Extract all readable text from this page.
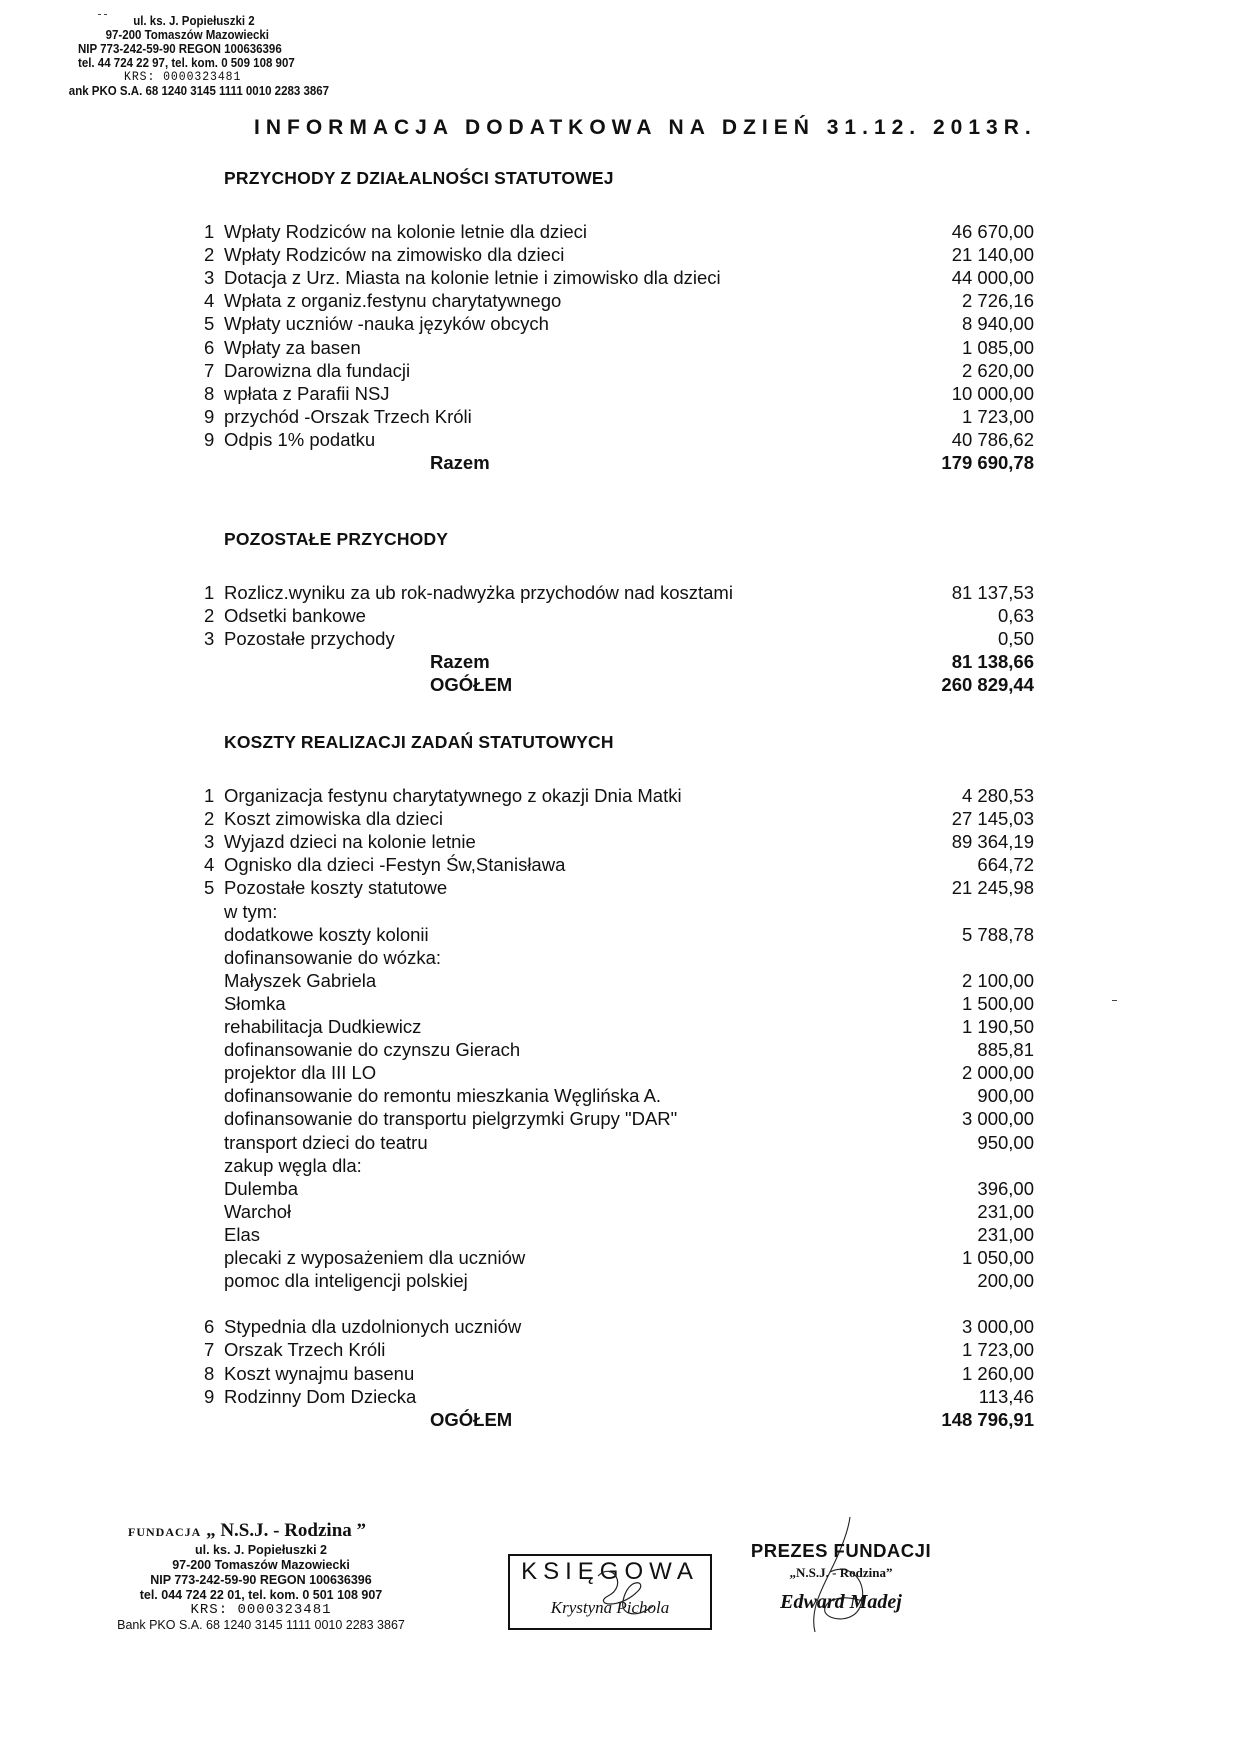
ul. ks. J. Popiełuszki 2
97-200 Tomaszów Mazowiecki
NIP 773-242-59-90 REGON 100636396
tel. 44 724 22 97, tel. kom. 0 509 108 907
KRS: 0000323481
ank PKO S.A. 68 1240 3145 1111 0010 2283 3867
INFORMACJA DODATKOWA NA DZIEŃ 31.12. 2013R.
PRZYCHODY Z DZIAŁALNOŚCI STATUTOWEJ
1 Wpłaty Rodziców na kolonie letnie dla dzieci	46 670,00
2 Wpłaty Rodziców na zimowisko dla dzieci	21 140,00
3 Dotacja z Urz. Miasta na kolonie letnie i zimowisko dla dzieci	44 000,00
4 Wpłata z organiz.festynu charytatywnego	2 726,16
5 Wpłaty uczniów -nauka języków obcych	8 940,00
6 Wpłaty za basen	1 085,00
7 Darowizna dla fundacji	2 620,00
8 wpłata z Parafii NSJ	10 000,00
9 przychód -Orszak Trzech Króli	1 723,00
9 Odpis 1% podatku	40 786,62
Razem	179 690,78
POZOSTAŁE PRZYCHODY
1 Rozlicz.wyniku za ub rok-nadwyżka przychodów nad kosztami	81 137,53
2 Odsetki bankowe	0,63
3 Pozostałe przychody	0,50
Razem	81 138,66
OGÓŁEM	260 829,44
KOSZTY REALIZACJI ZADAŃ STATUTOWYCH
1 Organizacja festynu charytatywnego z okazji Dnia Matki	4 280,53
2 Koszt zimowiska dla dzieci	27 145,03
3 Wyjazd dzieci na kolonie letnie	89 364,19
4 Ognisko dla dzieci -Festyn Św,Stanisława	664,72
5 Pozostałe koszty statutowe	21 245,98
w tym:
dodatkowe koszty kolonii	5 788,78
dofinansowanie do wózka:
Małyszek Gabriela	2 100,00
Słomka	1 500,00
rehabilitacja Dudkiewicz	1 190,50
dofinansowanie do czynszu Gierach	885,81
projektor dla III LO	2 000,00
dofinansowanie do remontu mieszkania Węglińska A.	900,00
dofinansowanie do transportu pielgrzymki Grupy "DAR"	3 000,00
transport dzieci do teatru	950,00
zakup węgla dla:
Dulemba	396,00
Warchoł	231,00
Elas	231,00
plecaki z wyposażeniem dla uczniów	1 050,00
pomoc dla inteligencji polskiej	200,00
6 Stypednia dla uzdolnionych uczniów	3 000,00
7 Orszak Trzech Króli	1 723,00
8 Koszt wynajmu basenu	1 260,00
9 Rodzinny Dom Dziecka	113,46
OGÓŁEM	148 796,91
FUNDACJA „ N.S.J. - Rodzina ”
ul. ks. J. Popiełuszki 2
97-200 Tomaszów Mazowiecki
NIP 773-242-59-90 REGON 100636396
tel. 044 724 22 01, tel. kom. 0 501 108 907
KRS: 0000323481
Bank PKO S.A. 68 1240 3145 1111 0010 2283 3867
KSIĘGOWA
Krystyna Pichola
PREZES FUNDACJI
„N.S.J. - Rodzina”
Edward Madej
